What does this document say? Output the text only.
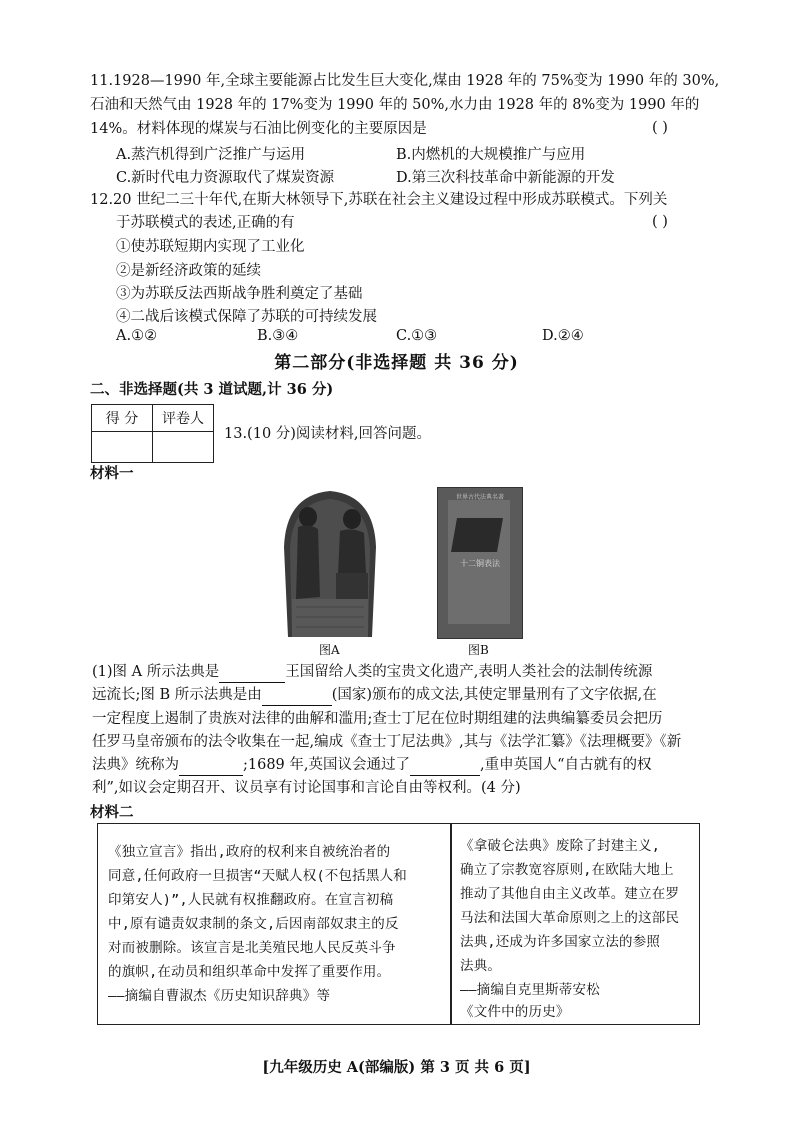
11.1928—1990 年,全球主要能源占比发生巨大变化,煤由 1928 年的 75%变为 1990 年的 30%,
石油和天然气由 1928 年的 17%变为 1990 年的 50%,水力由 1928 年的 8%变为 1990 年的
14%。材料体现的煤炭与石油比例变化的主要原因是	( )
A.蒸汽机得到广泛推广与运用	B.内燃机的大规模推广与应用
C.新时代电力资源取代了煤炭资源	D.第三次科技革命中新能源的开发
12.20 世纪二三十年代,在斯大林领导下,苏联在社会主义建设过程中形成苏联模式。下列关
于苏联模式的表述,正确的有	( )
①使苏联短期内实现了工业化
②是新经济政策的延续
③为苏联反法西斯战争胜利奠定了基础
④二战后该模式保障了苏联的可持续发展
A.①②	B.③④	C.①③	D.②④
第二部分(非选择题 共 36 分)
二、非选择题(共 3 道试题,计 36 分)
得 分	评卷人

13.(10 分)阅读材料,回答问题。
材料一
图A
世界古代法典名著
十二铜表法
图B
(1)图 A 所示法典是	王国留给人类的宝贵文化遗产,表明人类社会的法制传统源
远流长;图 B 所示法典是由	(国家)颁布的成文法,其使定罪量刑有了文字依据,在
一定程度上遏制了贵族对法律的曲解和滥用;查士丁尼在位时期组建的法典编纂委员会把历
任罗马皇帝颁布的法令收集在一起,编成《查士丁尼法典》,其与《法学汇纂》《法理概要》《新
法典》统称为	;1689 年,英国议会通过了	,重申英国人“自古就有的权
利”,如议会定期召开、议员享有讨论国事和言论自由等权利。(4 分)
材料二
《独立宣言》指出,政府的权利来自被统治者的
同意,任何政府一旦损害“天赋人权(不包括黑人和
印第安人)”,人民就有权推翻政府。在宣言初稿
中,原有谴责奴隶制的条文,后因南部奴隶主的反
对而被删除。该宣言是北美殖民地人民反英斗争
的旗帜,在动员和组织革命中发挥了重要作用。
——摘编自曹淑杰《历史知识辞典》等
《拿破仑法典》废除了封建主义,
确立了宗教宽容原则,在欧陆大地上
推动了其他自由主义改革。建立在罗
马法和法国大革命原则之上的这部民
法典,还成为许多国家立法的参照
法典。
——摘编自克里斯蒂安松
《文件中的历史》
[九年级历史 A(部编版) 第 3 页 共 6 页]
